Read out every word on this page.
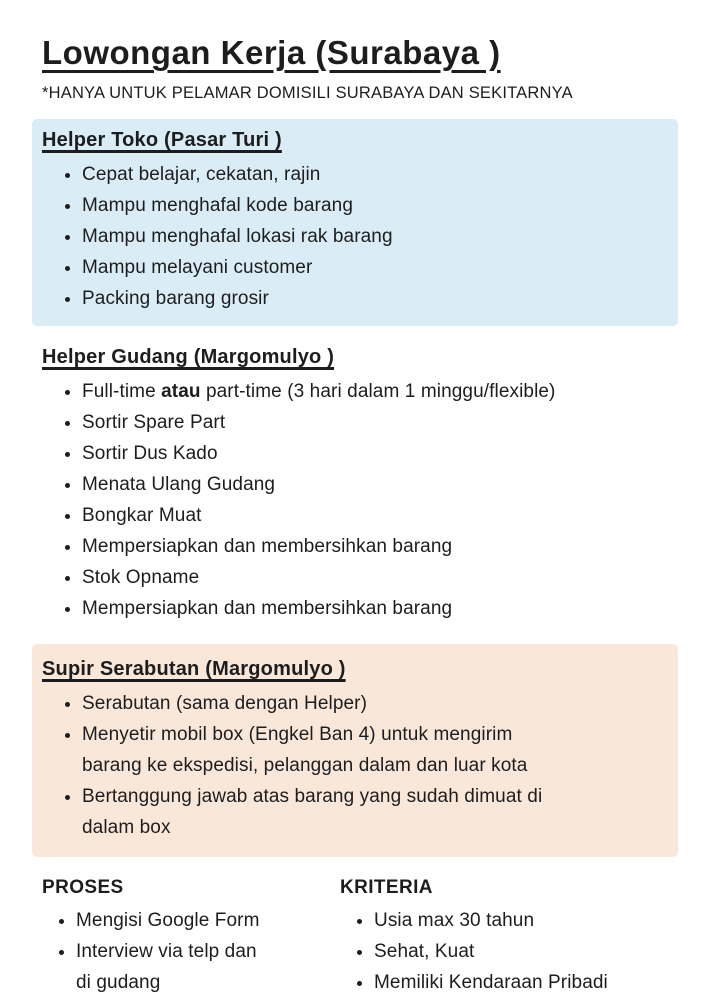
Lowongan Kerja (Surabaya )

*HANYA UNTUK PELAMAR DOMISILI SURABAYA DAN SEKITARNYA

Helper Toko (Pasar Turi )
• Cepat belajar, cekatan, rajin
• Mampu menghafal kode barang
• Mampu menghafal lokasi rak barang
• Mampu melayani customer
• Packing barang grosir
Helper Gudang (Margomulyo )
• Full-time atau part-time (3 hari dalam 1 minggu/flexible)
• Sortir Spare Part
• Sortir Dus Kado
• Menata Ulang Gudang
• Bongkar Muat
• Mempersiapkan dan membersihkan barang
• Stok Opname
• Mempersiapkan dan membersihkan barang
Supir Serabutan (Margomulyo )
• Serabutan (sama dengan Helper)
• Menyetir mobil box (Engkel Ban 4) untuk mengirim
barang ke ekspedisi, pelanggan dalam dan luar kota
• Bertanggung jawab atas barang yang sudah dimuat di
dalam box
PROSES
• Mengisi Google Form
• Interview via telp dan
di gudang
KRITERIA
• Usia max 30 tahun
• Sehat, Kuat
• Memiliki Kendaraan Pribadi
